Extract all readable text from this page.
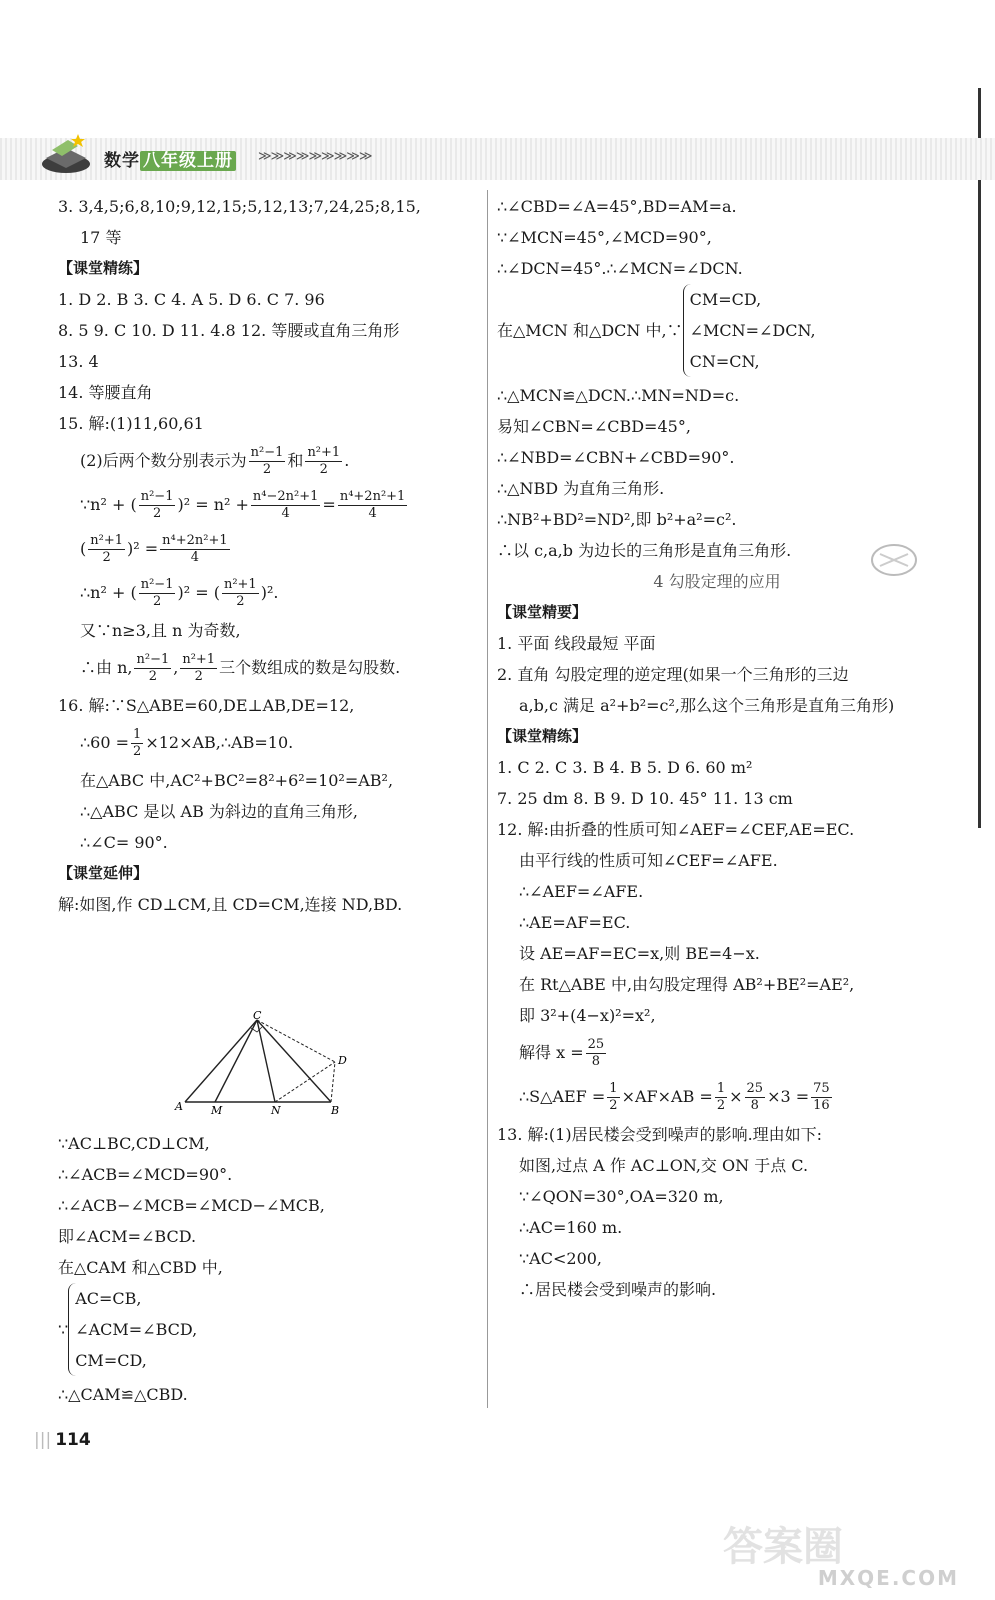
数学 八年级上册 ≫≫≫≫≫≫≫≫≫
3. 3,4,5;6,8,10;9,12,15;5,12,13;7,24,25;8,15,
17 等
【课堂精练】
1. D 2. B 3. C 4. A 5. D 6. C 7. 96
8. 5 9. C 10. D 11. 4.8 12. 等腰或直角三角形
13. 4
14. 等腰直角
15. 解:(1)11,60,61
(2)后两个数分别表示为 $\frac{\text{n²−1}}{2}$ 和 $\frac{\text{n²+1}}{2}$ .
∵n² + ( $\frac{\text{n²−1}}{2} )^2 = n^2 + \frac{\text{n⁴−2n²+1}}{4} = \frac{\text{n⁴+2n²+1}}{4}$
( $\frac{\text{n²+1}}{2} )^2 = \frac{\text{n⁴+2n²+1}}{4}$
∴n² + ( $\frac{\text{n²−1}}{2} )^2$ = ( $\frac{\text{n²+1}}{2} )^2$.
又∵n≥3,且 n 为奇数,
∴由 n, $\frac{\text{n²−1}}{2}$ , $\frac{\text{n²+1}}{2}$ 三个数组成的数是勾股数.
16. 解:∵S△ABE=60,DE⊥AB,DE=12,
∴60 = $\frac{1}{2}$ ×12×AB,∴AB=10.
在△ABC 中,AC²+BC²=8²+6²=10²=AB²,
∴△ABC 是以 AB 为斜边的直角三角形,
∴∠C= 90°.
【课堂延伸】
解:如图,作 CD⊥CM,且 CD=CM,连接 ND,BD.
C
D
A	M	N	B
∵AC⊥BC,CD⊥CM,
∴∠ACB=∠MCD=90°.
∴∠ACB−∠MCB=∠MCD−∠MCB,
即∠ACM=∠BCD.
在△CAM 和△CBD 中,
∵
AC=CB,
∠ACM=∠BCD,
CM=CD,
∴△CAM≌△CBD.
∴∠CBD=∠A=45°,BD=AM=a.
∵∠MCN=45°,∠MCD=90°,
∴∠DCN=45°.∴∠MCN=∠DCN.
在△MCN 和△DCN 中,∵
CM=CD,
∠MCN=∠DCN,
CN=CN,
∴△MCN≌△DCN.∴MN=ND=c.
易知∠CBN=∠CBD=45°,
∴∠NBD=∠CBN+∠CBD=90°.
∴△NBD 为直角三角形.
∴NB²+BD²=ND²,即 b²+a²=c².
∴以 c,a,b 为边长的三角形是直角三角形.
4 勾股定理的应用
【课堂精要】
1. 平面 线段最短 平面
2. 直角 勾股定理的逆定理(如果一个三角形的三边
a,b,c 满足 a²+b²=c²,那么这个三角形是直角三角形)
【课堂精练】
1. C 2. C 3. B 4. B 5. D 6. 60 m²
7. 25 dm 8. B 9. D 10. 45° 11. 13 cm
12. 解:由折叠的性质可知∠AEF=∠CEF,AE=EC.
由平行线的性质可知∠CEF=∠AFE.
∴∠AEF=∠AFE.
∴AE=AF=EC.
设 AE=AF=EC=x,则 BE=4−x.
在 Rt△ABE 中,由勾股定理得 AB²+BE²=AE²,
即 3²+(4−x)²=x²,
解得 $x = \frac{25}{8}$
∴S△AEF = $\frac{1}{2} \times AF\times AB = \frac{1}{2} \times \frac{25}{8} \times 3 = \frac{75}{16}$
13. 解:(1)居民楼会受到噪声的影响.理由如下:
如图,过点 A 作 AC⊥ON,交 ON 于点 C.
∵∠QON=30°,OA=320 m,
∴AC=160 m.
∵AC<200,
∴居民楼会受到噪声的影响.
||| 114
答案圈
MXQE.COM
